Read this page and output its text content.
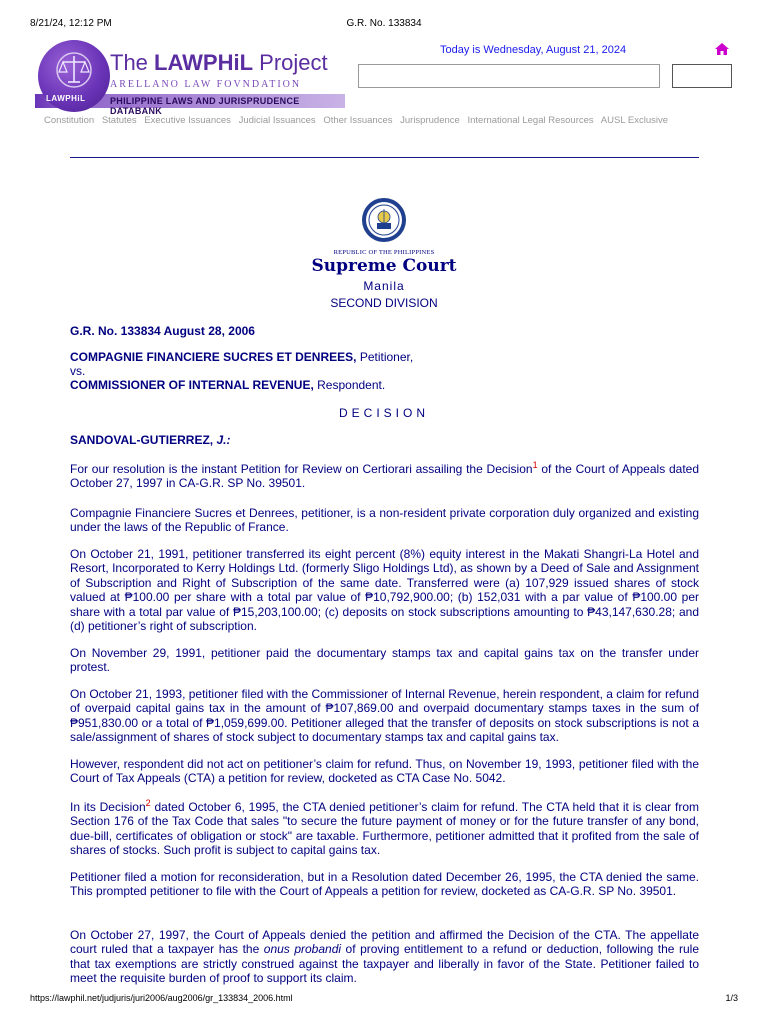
8/21/24, 12:12 PM	G.R. No. 133834
LAWPHiL
The LAWPHiL Project
ARELLANO LAW FOVNDATION
PHILIPPINE LAWS AND JURISPRUDENCE DATABANK
Today is Wednesday, August 21, 2024
Constitution Statutes Executive Issuances Judicial Issuances Other Issuances Jurisprudence International Legal Resources AUSL Exclusive
REPUBLIC OF THE PHILIPPINES
Supreme Court
Manila
SECOND DIVISION
G.R. No. 133834 August 28, 2006
COMPAGNIE FINANCIERE SUCRES ET DENREES, Petitioner,
vs.
COMMISSIONER OF INTERNAL REVENUE, Respondent.
DECISION
SANDOVAL-GUTIERREZ, J.:
For our resolution is the instant Petition for Review on Certiorari assailing the Decision$^1$ of the Court of Appeals dated October 27, 1997 in CA-G.R. SP No. 39501.
Compagnie Financiere Sucres et Denrees, petitioner, is a non-resident private corporation duly organized and existing under the laws of the Republic of France.
On October 21, 1991, petitioner transferred its eight percent (8%) equity interest in the Makati Shangri-La Hotel and Resort, Incorporated to Kerry Holdings Ltd. (formerly Sligo Holdings Ltd), as shown by a Deed of Sale and Assignment of Subscription and Right of Subscription of the same date. Transferred were (a) 107,929 issued shares of stock valued at ₱100.00 per share with a total par value of ₱10,792,900.00; (b) 152,031 with a par value of ₱100.00 per share with a total par value of ₱15,203,100.00; (c) deposits on stock subscriptions amounting to ₱43,147,630.28; and (d) petitioner’s right of subscription.
On November 29, 1991, petitioner paid the documentary stamps tax and capital gains tax on the transfer under protest.
On October 21, 1993, petitioner filed with the Commissioner of Internal Revenue, herein respondent, a claim for refund of overpaid capital gains tax in the amount of ₱107,869.00 and overpaid documentary stamps taxes in the sum of ₱951,830.00 or a total of ₱1,059,699.00. Petitioner alleged that the transfer of deposits on stock subscriptions is not a sale/assignment of shares of stock subject to documentary stamps tax and capital gains tax.
However, respondent did not act on petitioner’s claim for refund. Thus, on November 19, 1993, petitioner filed with the Court of Tax Appeals (CTA) a petition for review, docketed as CTA Case No. 5042.
In its Decision$^2$ dated October 6, 1995, the CTA denied petitioner’s claim for refund. The CTA held that it is clear from Section 176 of the Tax Code that sales "to secure the future payment of money or for the future transfer of any bond, due-bill, certificates of obligation or stock" are taxable. Furthermore, petitioner admitted that it profited from the sale of shares of stocks. Such profit is subject to capital gains tax.
Petitioner filed a motion for reconsideration, but in a Resolution dated December 26, 1995, the CTA denied the same. This prompted petitioner to file with the Court of Appeals a petition for review, docketed as CA-G.R. SP No. 39501.
On October 27, 1997, the Court of Appeals denied the petition and affirmed the Decision of the CTA. The appellate court ruled that a taxpayer has the onus probandi of proving entitlement to a refund or deduction, following the rule that tax exemptions are strictly construed against the taxpayer and liberally in favor of the State. Petitioner failed to meet the requisite burden of proof to support its claim.
https://lawphil.net/judjuris/juri2006/aug2006/gr_133834_2006.html	1/3
